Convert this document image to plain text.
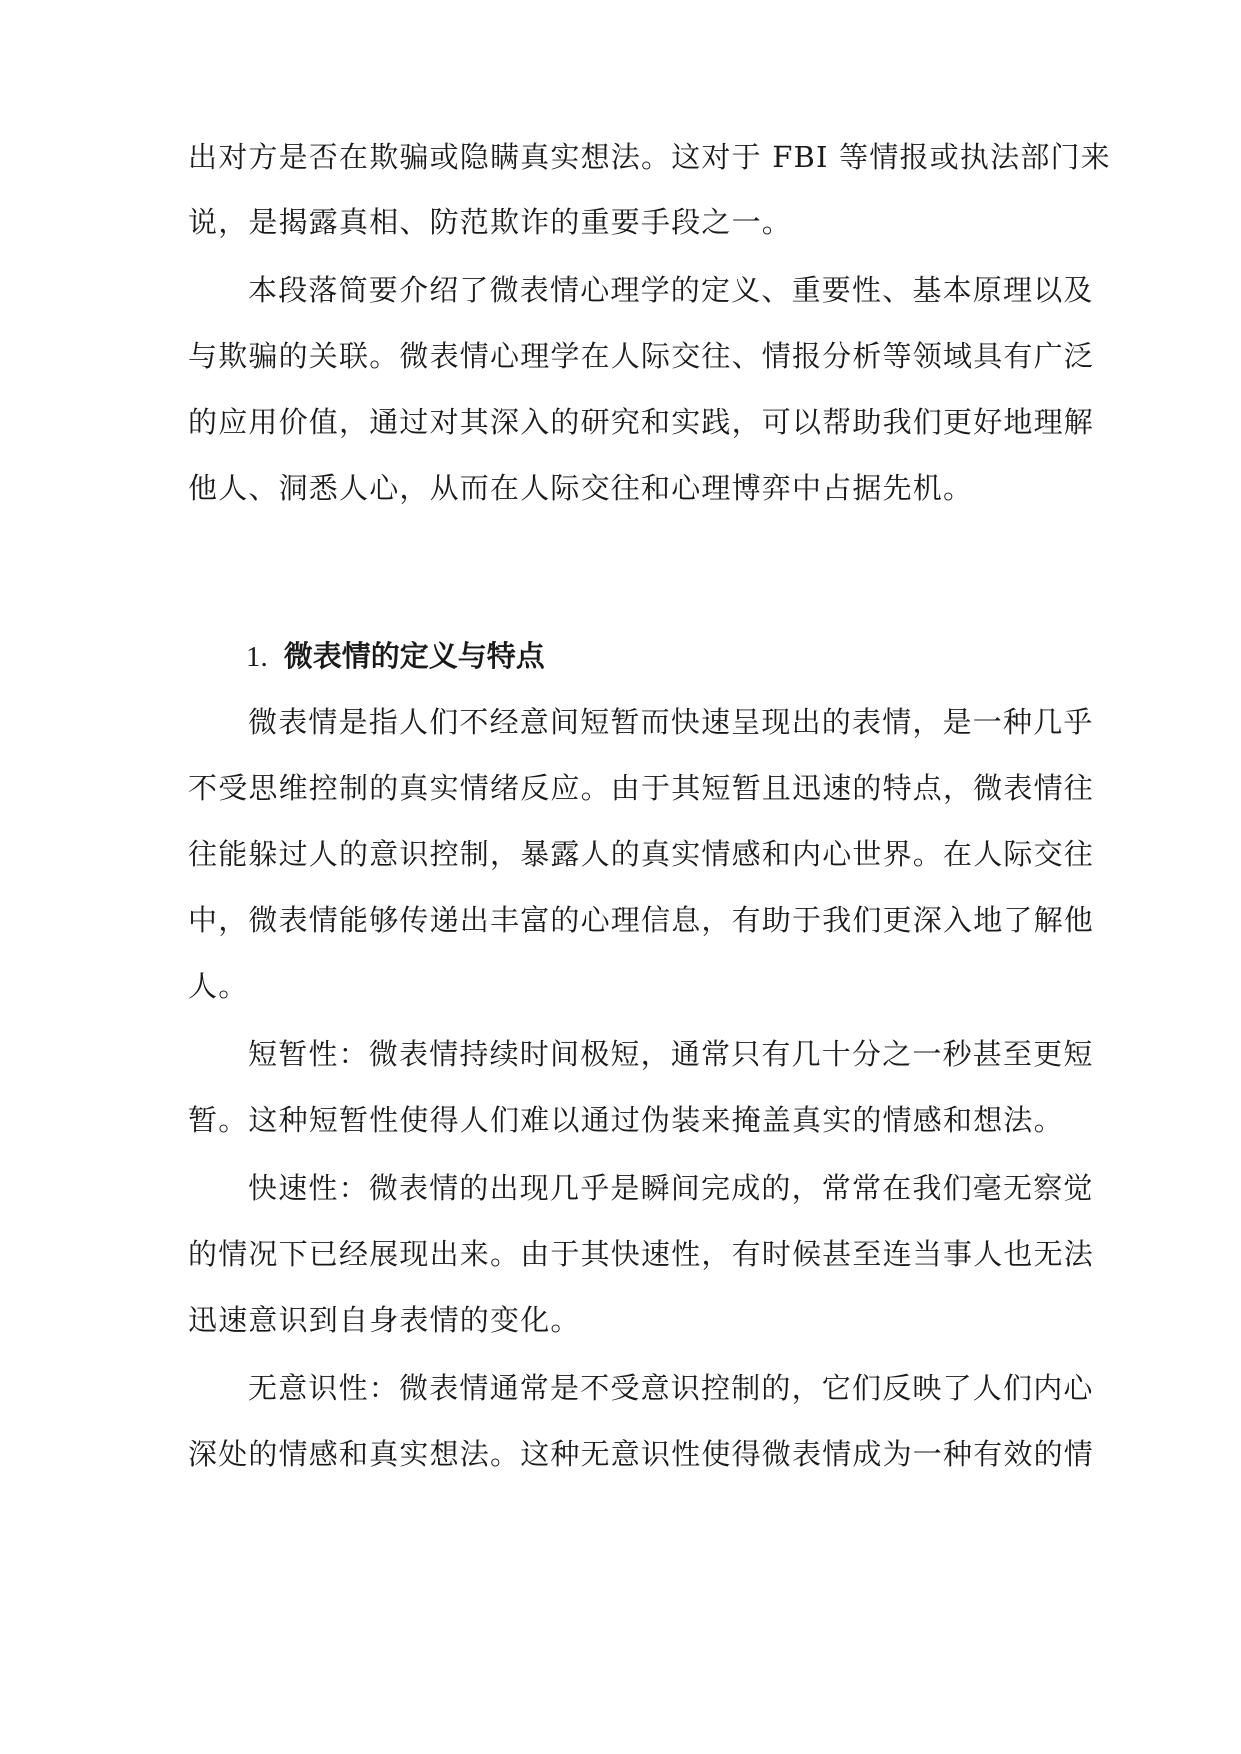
出对方是否在欺骗或隐瞒真实想法。这对于 FBI 等情报或执法部门来
说，是揭露真相、防范欺诈的重要手段之一。
本段落简要介绍了微表情心理学的定义、重要性、基本原理以及
与欺骗的关联。微表情心理学在人际交往、情报分析等领域具有广泛
的应用价值，通过对其深入的研究和实践，可以帮助我们更好地理解
他人、洞悉人心，从而在人际交往和心理博弈中占据先机。
1. 微表情的定义与特点
微表情是指人们不经意间短暂而快速呈现出的表情，是一种几乎
不受思维控制的真实情绪反应。由于其短暂且迅速的特点，微表情往
往能躲过人的意识控制，暴露人的真实情感和内心世界。在人际交往
中，微表情能够传递出丰富的心理信息，有助于我们更深入地了解他
人。
短暂性：微表情持续时间极短，通常只有几十分之一秒甚至更短
暂。这种短暂性使得人们难以通过伪装来掩盖真实的情感和想法。
快速性：微表情的出现几乎是瞬间完成的，常常在我们毫无察觉
的情况下已经展现出来。由于其快速性，有时候甚至连当事人也无法
迅速意识到自身表情的变化。
无意识性：微表情通常是不受意识控制的，它们反映了人们内心
深处的情感和真实想法。这种无意识性使得微表情成为一种有效的情
